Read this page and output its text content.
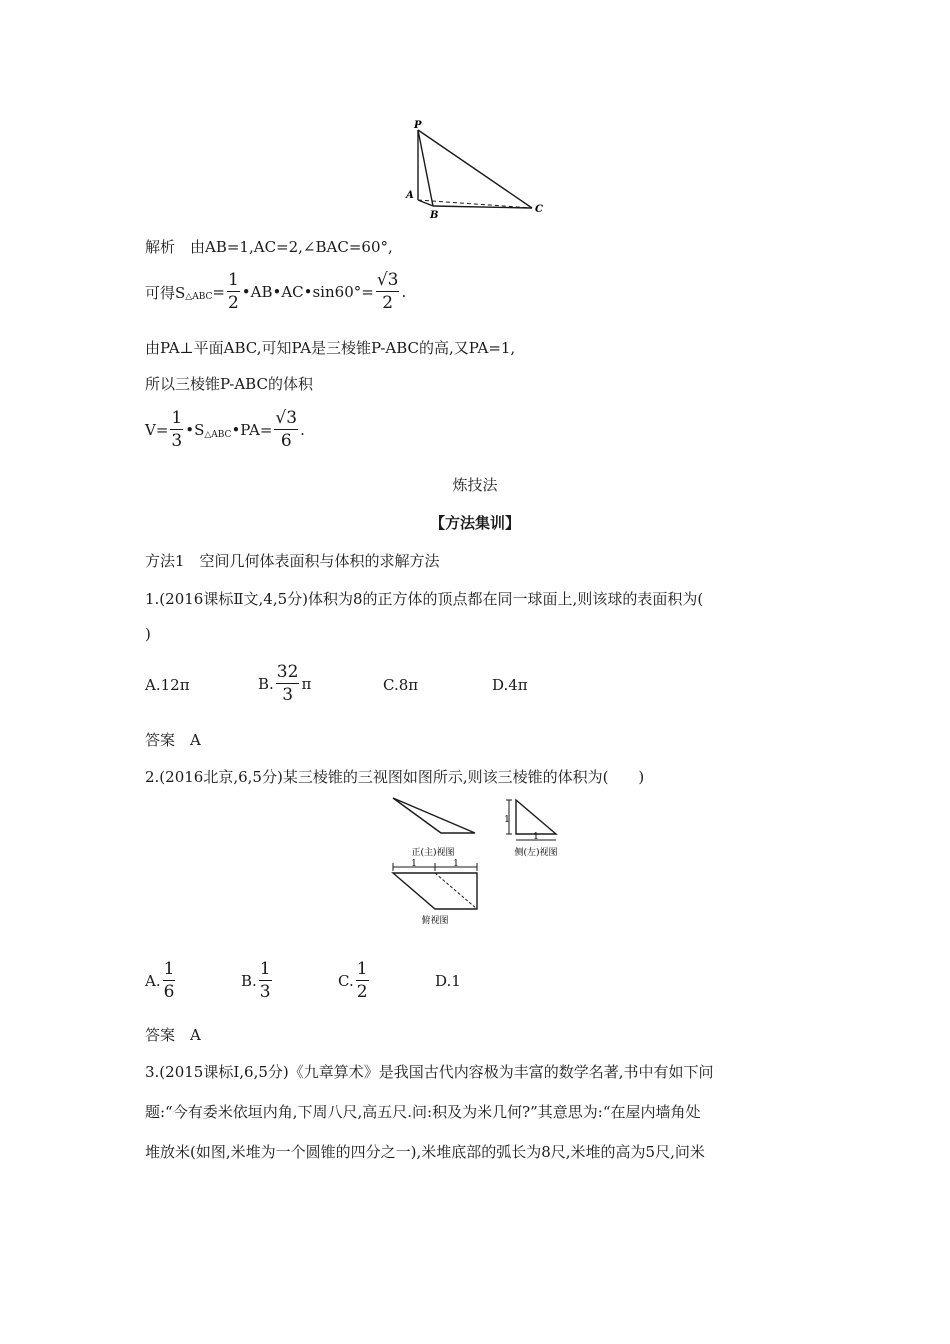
P
A
B
C
解析　由AB=1,AC=2,∠BAC=60°,
可得S △ABC = $\frac{1}{2}$ •AB•AC•sin60°= $\frac{√3}{2}$ .
由PA⊥平面ABC,可知PA是三棱锥P-ABC的高,又PA=1,
所以三棱锥P-ABC的体积
$V= \frac{1}{3}$ •S △ABC •PA= $\frac{√3}{6}$ .
炼技法
【方法集训】
方法1　空间几何体表面积与体积的求解方法
1.(2016课标Ⅱ文,4,5分)体积为8的正方体的顶点都在同一球面上,则该球的表面积为(
)
A.12π	B. $\frac{32}{3}$ π	C.8π	D.4π
答案　A
2.(2016北京,6,5分)某三棱锥的三视图如图所示,则该三棱锥的体积为(　　)
正(主)视图
1
1
侧(左)视图
1	1
俯视图
A. $\frac{1}{6}$	B. $\frac{1}{3}$	C. $\frac{1}{2}$	D.1
答案　A
3.(2015课标Ⅰ,6,5分)《九章算术》是我国古代内容极为丰富的数学名著,书中有如下问
题:“今有委米依垣内角,下周八尺,高五尺.问:积及为米几何?”其意思为:“在屋内墙角处
堆放米(如图,米堆为一个圆锥的四分之一),米堆底部的弧长为8尺,米堆的高为5尺,问米
